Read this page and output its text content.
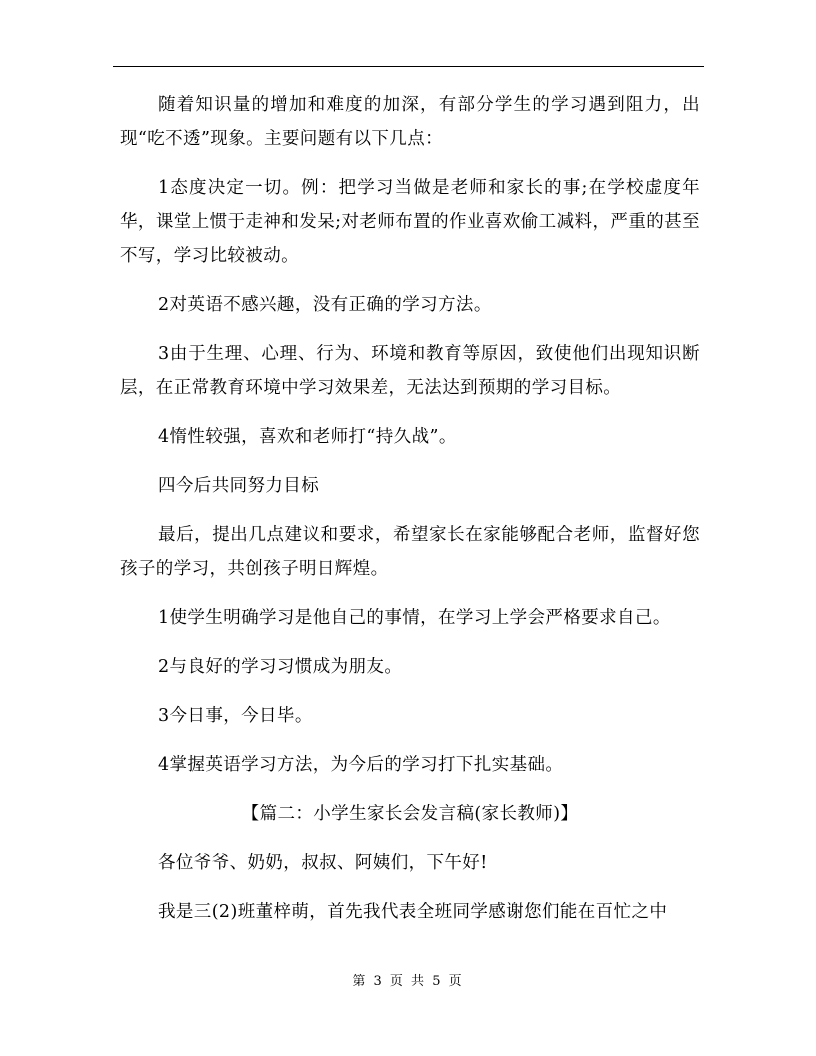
随着知识量的增加和难度的加深，有部分学生的学习遇到阻力，出现“吃不透”现象。主要问题有以下几点：

1态度决定一切。例：把学习当做是老师和家长的事;在学校虚度年华，课堂上惯于走神和发呆;对老师布置的作业喜欢偷工减料，严重的甚至不写，学习比较被动。

2对英语不感兴趣，没有正确的学习方法。

3由于生理、心理、行为、环境和教育等原因，致使他们出现知识断层，在正常教育环境中学习效果差，无法达到预期的学习目标。

4惰性较强，喜欢和老师打“持久战”。

四今后共同努力目标

最后，提出几点建议和要求，希望家长在家能够配合老师，监督好您孩子的学习，共创孩子明日辉煌。

1使学生明确学习是他自己的事情，在学习上学会严格要求自己。

2与良好的学习习惯成为朋友。

3今日事，今日毕。

4掌握英语学习方法，为今后的学习打下扎实基础。

【篇二：小学生家长会发言稿(家长教师)】

各位爷爷、奶奶，叔叔、阿姨们，下午好!

我是三(2)班董梓萌，首先我代表全班同学感谢您们能在百忙之中

第 3 页 共 5 页
